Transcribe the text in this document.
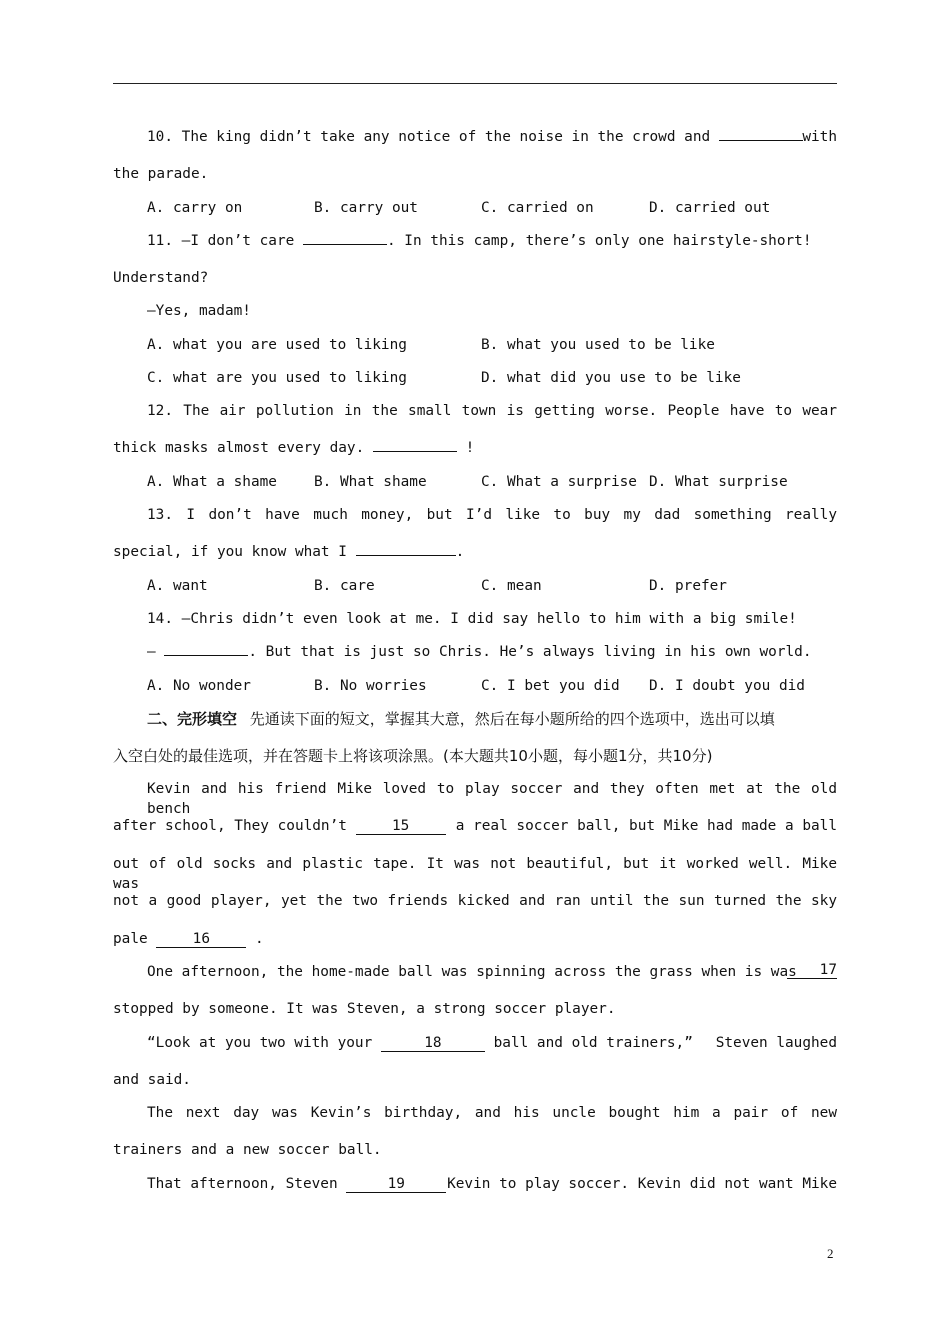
10. The king didn’t take any notice of the noise in the crowd and	with
the parade.
A. carry on	B. carry out	C. carried on	D. carried out
11. —I don’t care	. In this camp, there’s only one hairstyle-short!
Understand?
—Yes, madam!
A. what you are used to liking	B. what you used to be like
C. what are you used to liking	D. what did you use to be like
12. The air pollution in the small town is getting worse. People have to wear
thick masks almost every day.	!
A. What a shame	B. What shame	C. What a surprise D. What surprise
13. I don’t have much money, but I’d like to buy my dad something really
special, if you know what I	.
A. want	B. care	C. mean	D. prefer
14. —Chris didn’t even look at me. I did say hello to him with a big smile!
—	. But that is just so Chris. He’s always living in his own world.
A. No wonder	B. No worries	C. I bet you did D. I doubt you did
二、完形填空 先通读下面的短文，掌握其大意，然后在每小题所给的四个选项中，选出可以填
入空白处的最佳选项，并在答题卡上将该项涂黑。(本大题共10小题，每小题1分，共10分)
Kevin and his friend Mike loved to play soccer and they often met at the old bench
after school, They couldn’t	15	a real soccer ball, but Mike had made a ball
out of old socks and plastic tape. It was not beautiful, but it worked well. Mike was
not a good player, yet the two friends kicked and ran until the sun turned the sky
pale	16	.
One afternoon, the home-made ball was spinning across the grass when is was	17
stopped by someone. It was Steven, a strong soccer player.
“Look at you two with your	18	ball and old trainers,” Steven laughed
and said.
The next day was Kevin’s birthday, and his uncle bought him a pair of new
trainers and a new soccer ball.
That afternoon, Steven	19	Kevin to play soccer. Kevin did not want Mike
2
